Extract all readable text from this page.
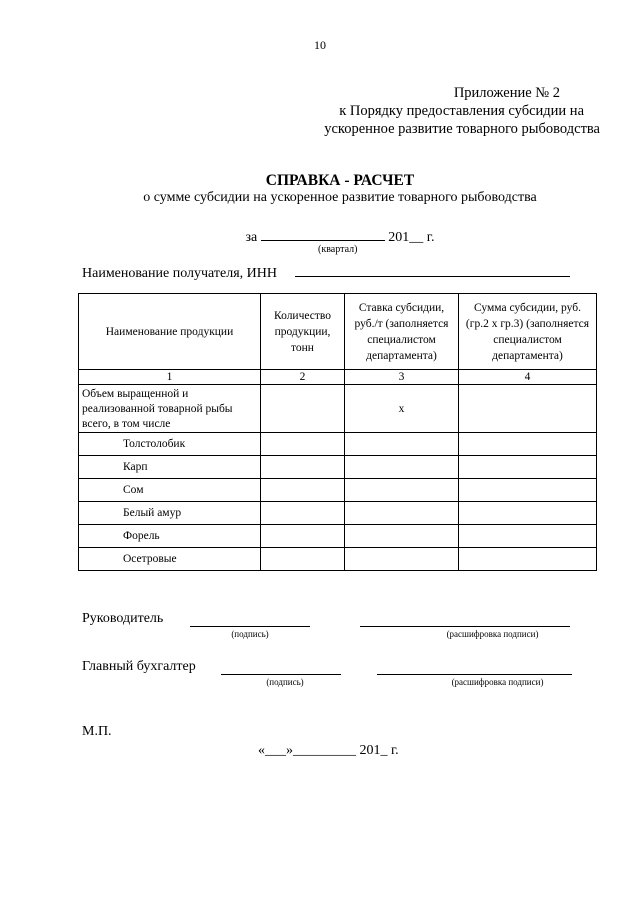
10
Приложение № 2
к Порядку предоставления субсидии на
ускоренное развитие товарного рыбоводства
СПРАВКА - РАСЧЕТ
о сумме субсидии на ускоренное развитие товарного рыбоводства
за	201__ г.
(квартал)
Наименование получателя, ИНН
Наименование продукции	Количество продукции, тонн	Ставка субсидии, руб./т (заполняется специалистом департамента)	Сумма субсидии, руб. (гр.2 х гр.3) (заполняется специалистом департамента)
1	2	3	4
Объем выращенной и реализованной товарной рыбы всего, в том числе		х	
Толстолобик			
Карп			
Сом			
Белый амур			
Форель			
Осетровые			
Руководитель
(подпись)	(расшифровка подписи)
Главный бухгалтер
(подпись)	(расшифровка подписи)
М.П.
«___»_________ 201_ г.
